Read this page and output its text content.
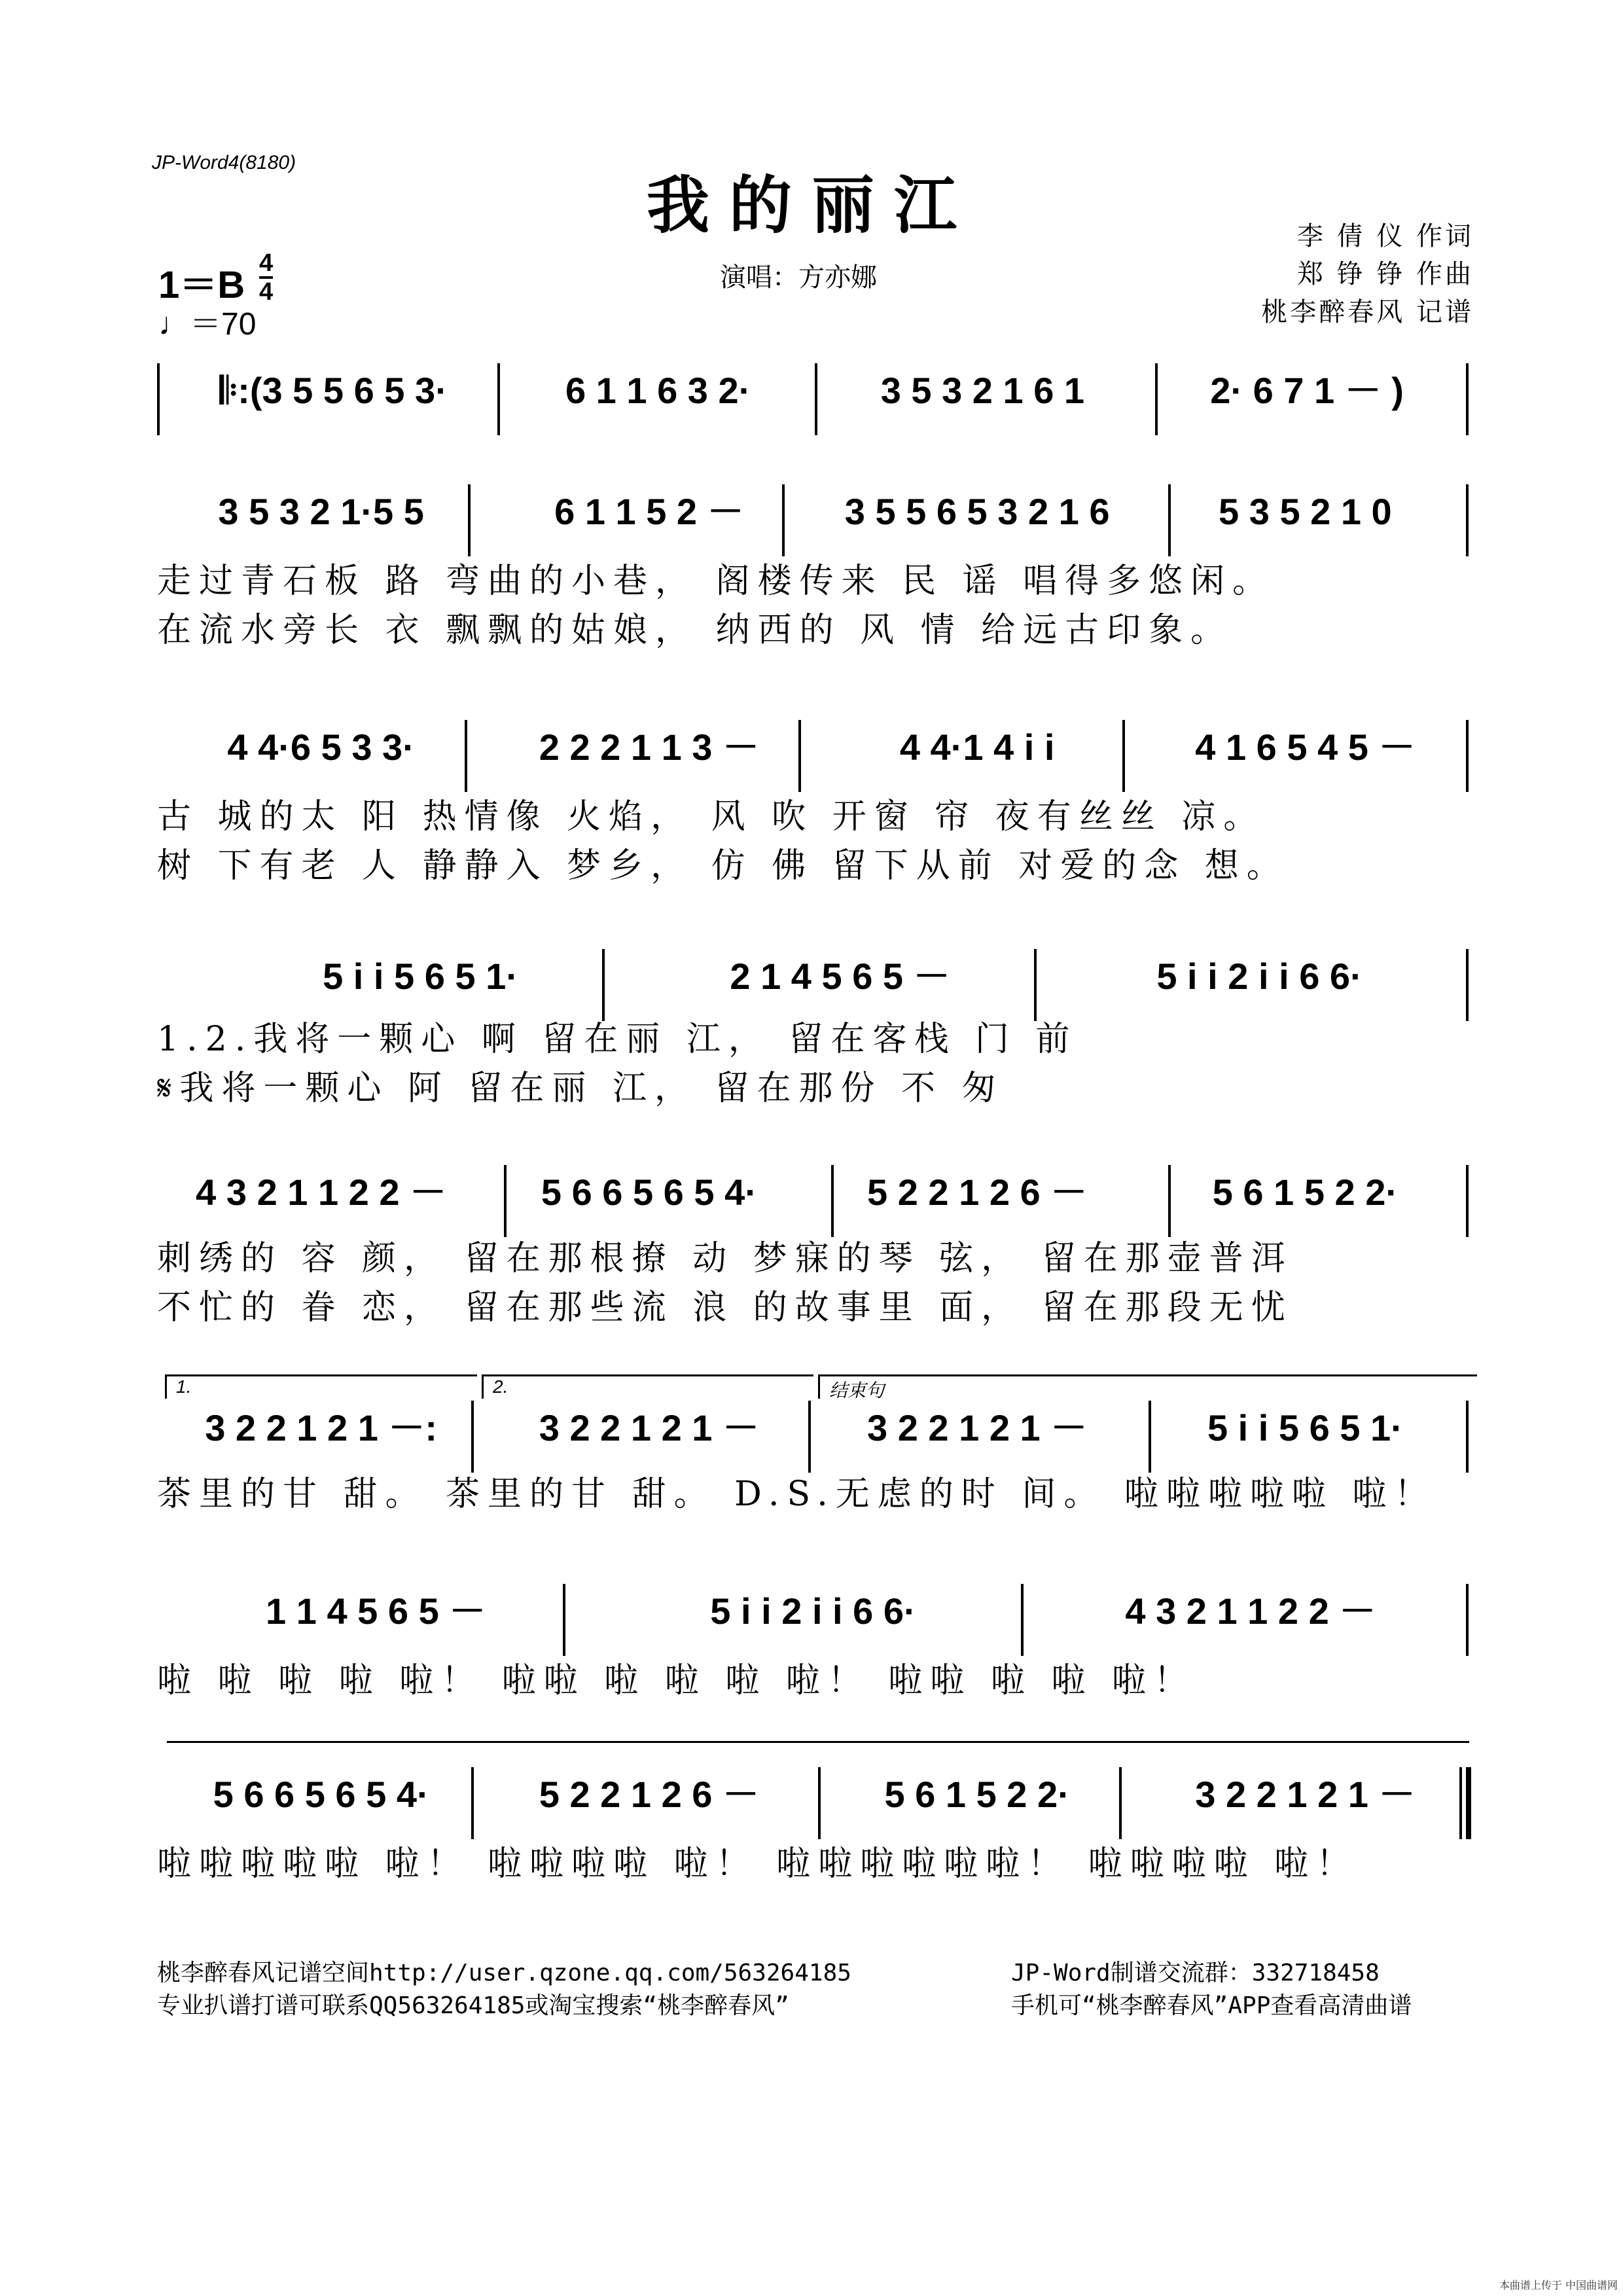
JP-Word4(8180)
我的丽江	李 倩 仪 作词
郑 铮 铮 作曲
桃李醉春风 记谱
演唱：方亦娜
1＝B
4
4
♩＝70
𝄆:(3 5 5 6 5 3·	6 1 1 6 3 2·	3 5 3 2 1 6 1	2· 6 7 1 － )
3 5 3 2 1·5 5	6 1 1 5 2 －	3 5 5 6 5 3 2 1 6	5 3 5 2 1 0
走过青石板 路 弯曲的小巷， 阁楼传来 民 谣 唱得多悠闲。
在流水旁长 衣 飘飘的姑娘， 纳西的 风 情 给远古印象。
4 4·6 5 3 3·	2 2 2 1 1 3 －	4 4·1 4 i i	4 1 6 5 4 5 －
古 城的太 阳 热情像 火焰， 风 吹 开窗 帘 夜有丝丝 凉。
树 下有老 人 静静入 梦乡， 仿 佛 留下从前 对爱的念 想。
5 i i 5 6 5 1·	2 1 4 5 6 5 －	5 i i 2 i i 6 6·
1.2.我将一颗心 啊 留在丽 江， 留在客栈 门 前
𝄋我将一颗心 阿 留在丽 江， 留在那份 不 匆
4 3 2 1 1 2 2 －	5 6 6 5 6 5 4·	5 2 2 1 2 6 －	5 6 1 5 2 2·
刺绣的 容 颜， 留在那根撩 动 梦寐的琴 弦， 留在那壶普洱
不忙的 眷 恋， 留在那些流 浪 的故事里 面， 留在那段无忧
1.	2.	结束句
3 2 2 1 2 1 －:	3 2 2 1 2 1 －	3 2 2 1 2 1 －	5 i i 5 6 5 1·
茶里的甘 甜。 茶里的甘 甜。 D.S.无虑的时 间。 啦啦啦啦啦 啦！
1 1 4 5 6 5 －	5 i i 2 i i 6 6·	4 3 2 1 1 2 2 －
啦 啦 啦 啦 啦！ 啦啦 啦 啦 啦 啦！ 啦啦 啦 啦 啦！
5 6 6 5 6 5 4·	5 2 2 1 2 6 －	5 6 1 5 2 2·	3 2 2 1 2 1 －
啦啦啦啦啦 啦！ 啦啦啦啦 啦！ 啦啦啦啦啦啦！ 啦啦啦啦 啦！
桃李醉春风记谱空间http://user.qzone.qq.com/563264185
专业扒谱打谱可联系QQ563264185或淘宝搜索“桃李醉春风”
JP-Word制谱交流群：332718458
手机可“桃李醉春风”APP查看高清曲谱
本曲谱上传于 中国曲谱网
